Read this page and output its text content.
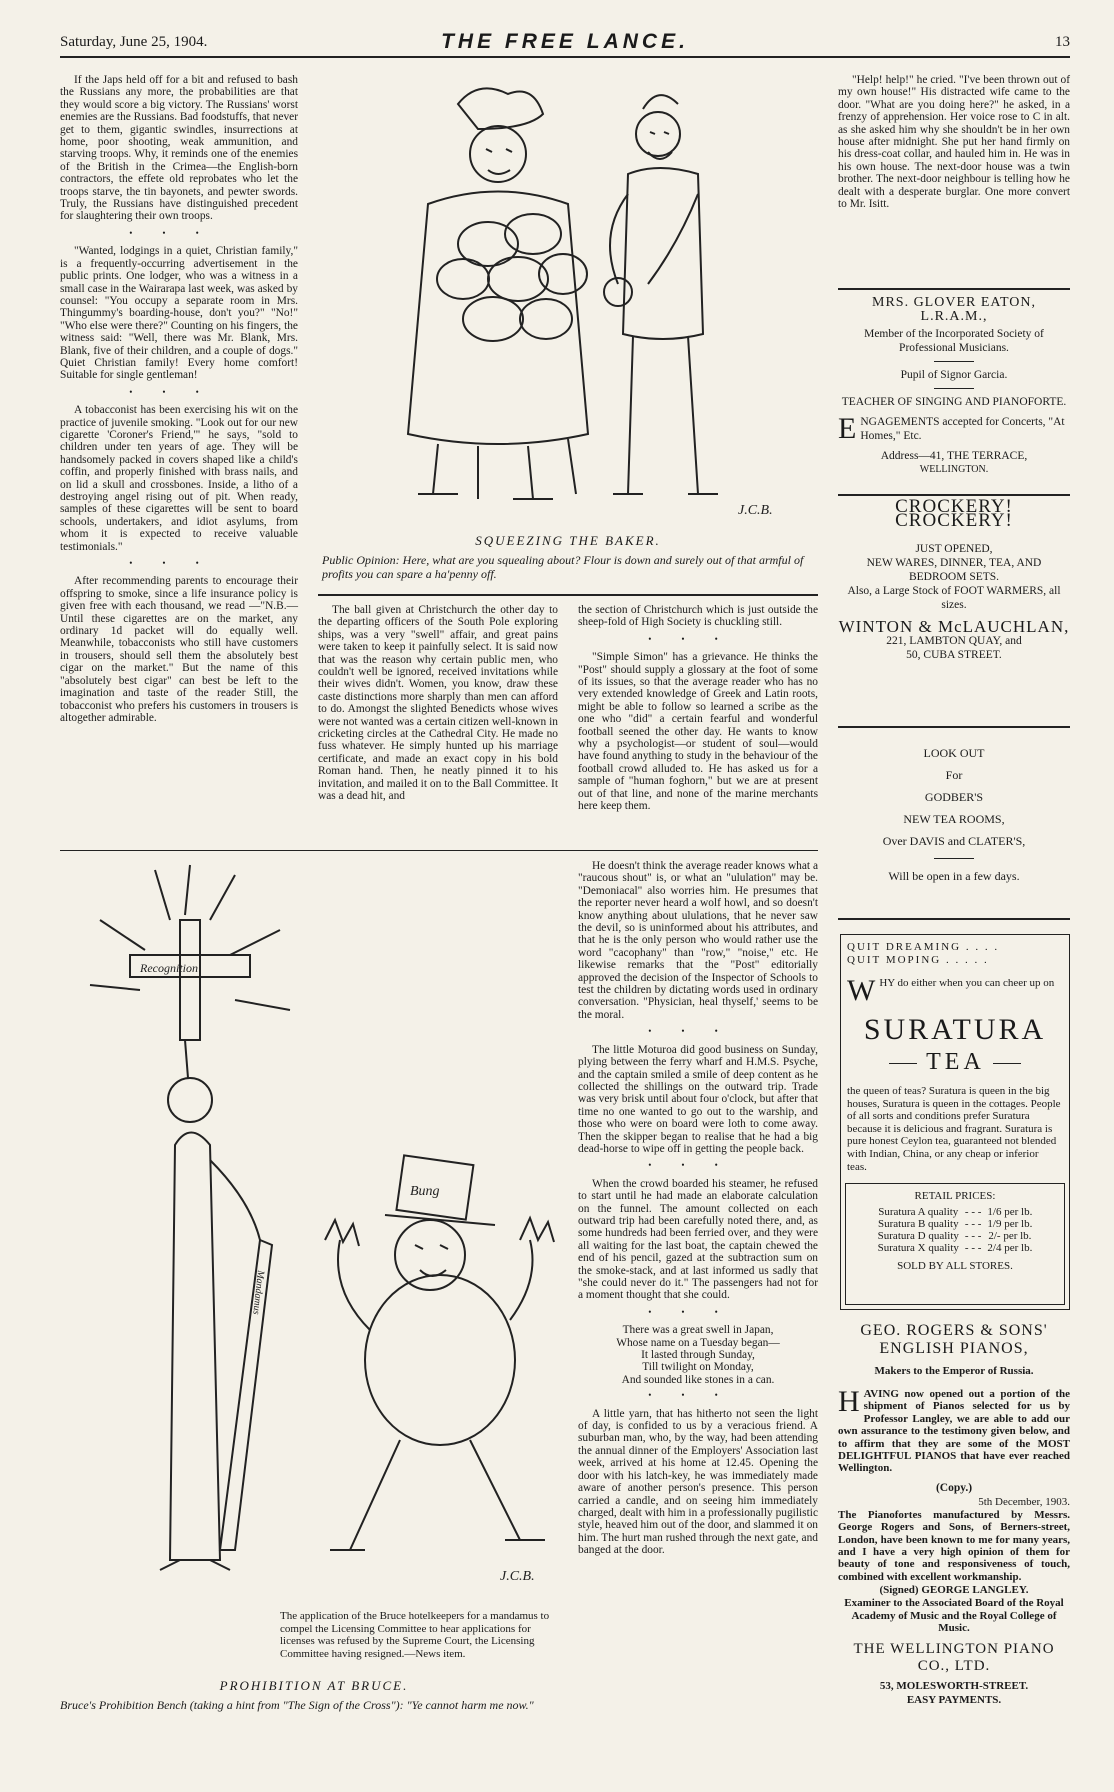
Saturday, June 25, 1904.	THE FREE LANCE.	13

If the Japs held off for a bit and refused to bash the Russians any more, the probabilities are that they would score a big victory. The Russians' worst enemies are the Russians. Bad foodstuffs, that never get to them, gigantic swindles, insurrections at home, poor shooting, weak ammunition, and starving troops. Why, it reminds one of the enemies of the British in the Crimea—the English-born contractors, the effete old reprobates who let the troops starve, the tin bayonets, and pewter swords. Truly, the Russians have distinguished precedent for slaughtering their own troops.

•••

"Wanted, lodgings in a quiet, Christian family," is a frequently-occurring advertisement in the public prints. One lodger, who was a witness in a small case in the Wairarapa last week, was asked by counsel: "You occupy a separate room in Mrs. Thingummy's boarding-house, don't you?" "No!" "Who else were there?" Counting on his fingers, the witness said: "Well, there was Mr. Blank, Mrs. Blank, five of their children, and a couple of dogs." Quiet Christian family! Every home comfort! Suitable for single gentleman!

•••

A tobacconist has been exercising his wit on the practice of juvenile smoking. "Look out for our new cigarette 'Coroner's Friend,'" he says, "sold to children under ten years of age. They will be handsomely packed in covers shaped like a child's coffin, and properly finished with brass nails, and on lid a skull and crossbones. Inside, a litho of a destroying angel rising out of pit. When ready, samples of these cigarettes will be sent to board schools, undertakers, and idiot asylums, from whom it is expected to receive valuable testimonials."

•••

After recommending parents to encourage their offspring to smoke, since a life insurance policy is given free with each thousand, we read —"N.B.—Until these cigarettes are on the market, any ordinary 1d packet will do equally well. Meanwhile, tobacconists who still have customers in trousers, should sell them the absolutely best cigar on the market." But the name of this "absolutely best cigar" can best be left to the imagination and taste of the reader Still, the tobacconist who prefers his customers in trousers is altogether admirable.

J.C.B.
SQUEEZING THE BAKER.
Public Opinion: Here, what are you squealing about? Flour is down and surely out of that armful of profits you can spare a ha'penny off.

The ball given at Christchurch the other day to the departing officers of the South Pole exploring ships, was a very "swell" affair, and great pains were taken to keep it painfully select. It is said now that was the reason why certain public men, who couldn't well be ignored, received invitations while their wives didn't. Women, you know, draw these caste distinctions more sharply than men can afford to do. Amongst the slighted Benedicts whose wives were not wanted was a certain citizen well-known in cricketing circles at the Cathedral City. He made no fuss whatever. He simply hunted up his marriage certificate, and made an exact copy in his bold Roman hand. Then, he neatly pinned it to his invitation, and mailed it on to the Ball Committee. It was a dead hit, and

the section of Christchurch which is just outside the sheep-fold of High Society is chuckling still.

•••

"Simple Simon" has a grievance. He thinks the "Post" should supply a glossary at the foot of some of its issues, so that the average reader who has no very extended knowledge of Greek and Latin roots, might be able to follow so learned a scribe as the one who "did" a certain fearful and wonderful football seened the other day. He wants to know why a psychologist—or student of soul—would have found anything to study in the behaviour of the football crowd alluded to. He has asked us for a sample of "human foghorn," but we are at present out of that line, and none of the marine merchants here keep them.

Recognition
Bung
Mandamus
J.C.B.
The application of the Bruce hotelkeepers for a mandamus to compel the Licensing Committee to hear applications for licenses was refused by the Supreme Court, the Licensing Committee having resigned.—News item.
PROHIBITION AT BRUCE.
Bruce's Prohibition Bench (taking a hint from "The Sign of the Cross"): "Ye cannot harm me now."

He doesn't think the average reader knows what a "raucous shout" is, or what an "ululation" may be. "Demoniacal" also worries him. He presumes that the reporter never heard a wolf howl, and so doesn't know anything about ululations, that he never saw the devil, so is uninformed about his attributes, and that he is the only person who would rather use the word "cacophany" than "row," "noise," etc. He likewise remarks that the "Post" editorially approved the decision of the Inspector of Schools to test the children by dictating words used in ordinary conversation. "Physician, heal thyself,' seems to be the moral.

•••

The little Moturoa did good business on Sunday, plying between the ferry wharf and H.M.S. Psyche, and the captain smiled a smile of deep content as he collected the shillings on the outward trip. Trade was very brisk until about four o'clock, but after that time no one wanted to go out to the warship, and those who were on board were loth to come away. Then the skipper began to realise that he had a big dead-horse to wipe off in getting the people back.

•••

When the crowd boarded his steamer, he refused to start until he had made an elaborate calculation on the funnel. The amount collected on each outward trip had been carefully noted there, and, as some hundreds had been ferried over, and they were all waiting for the last boat, the captain chewed the end of his pencil, gazed at the subtraction sum on the smoke-stack, and at last informed us sadly that "she could never do it." The passengers had not for a moment thought that she could.

•••
There was a great swell in Japan,
Whose name on a Tuesday began—
It lasted through Sunday,
Till twilight on Monday,
And sounded like stones in a can.
•••

A little yarn, that has hitherto not seen the light of day, is confided to us by a veracious friend. A suburban man, who, by the way, had been attending the annual dinner of the Employers' Association last week, arrived at his home at 12.45. Opening the door with his latch-key, he was immediately made aware of another person's presence. This person carried a candle, and on seeing him immediately charged, dealt with him in a professionally pugilistic style, heaved him out of the door, and slammed it on him. The hurt man rushed through the next gate, and banged at the door.

"Help! help!" he cried. "I've been thrown out of my own house!" His distracted wife came to the door. "What are you doing here?" he asked, in a frenzy of apprehension. Her voice rose to C in alt. as she asked him why she shouldn't be in her own house after midnight. She put her hand firmly on his dress-coat collar, and hauled him in. He was in his own house. The next-door house was a twin brother. The next-door neighbour is telling how he dealt with a desperate burglar. One more convert to Mr. Isitt.
MRS. GLOVER EATON, L.R.A.M.,
Member of the Incorporated Society of Professional Musicians.
Pupil of Signor Garcia.
TEACHER OF SINGING AND PIANOFORTE.
ENGAGEMENTS accepted for Concerts, "At Homes," Etc.
Address—41, THE TERRACE,
WELLINGTON.
CROCKERY! CROCKERY!
JUST OPENED,
NEW WARES, DINNER, TEA, AND BEDROOM SETS.
Also, a Large Stock of FOOT WARMERS, all sizes.
WINTON & McLAUCHLAN,
221, LAMBTON QUAY, and
50, CUBA STREET.
LOOK OUT
For
GODBER'S
NEW TEA ROOMS,
Over DAVIS and CLATER'S,
Will be open in a few days.
QUIT DREAMING . . . .
QUIT MOPING . . . . .
WHY do either when you can cheer up on
SURATURA
TEA
the queen of teas? Suratura is queen in the big houses, Suratura is queen in the cottages. People of all sorts and conditions prefer Suratura because it is delicious and fragrant. Suratura is pure honest Ceylon tea, guaranteed not blended with Indian, China, or any cheap or inferior teas.
RETAIL PRICES:
Suratura A quality	- - -	1/6 per lb.
Suratura B quality	- - -	1/9 per lb.
Suratura D quality	- - -	2/- per lb.
Suratura X quality	- - -	2/4 per lb.
SOLD BY ALL STORES.
GEO. ROGERS & SONS' ENGLISH PIANOS,
Makers to the Emperor of Russia.
HAVING now opened out a portion of the shipment of Pianos selected for us by Professor Langley, we are able to add our own assurance to the testimony given below, and to affirm that they are some of the MOST DELIGHTFUL PIANOS that have ever reached Wellington.
(Copy.)
5th December, 1903.
The Pianofortes manufactured by Messrs. George Rogers and Sons, of Berners-street, London, have been known to me for many years, and I have a very high opinion of them for beauty of tone and responsiveness of touch, combined with excellent workmanship.
(Signed) GEORGE LANGLEY.
Examiner to the Associated Board of the Royal Academy of Music and the Royal College of Music.
THE WELLINGTON PIANO CO., LTD.
53, MOLESWORTH-STREET.
EASY PAYMENTS.
